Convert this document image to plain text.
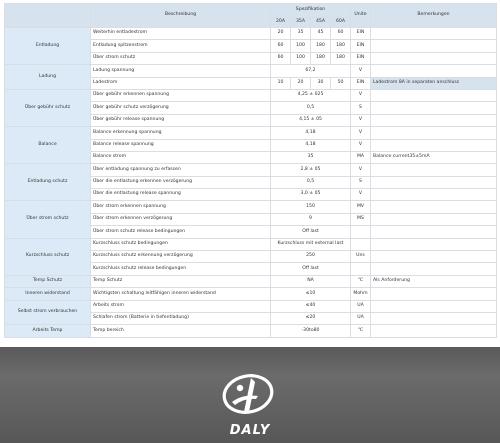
	Beschreibung	Spezifikation				Unite	Bemerkungen
		20A	35A	45A	60A		
Entladung	Weiterhin entladestrom	20	35	45	60	EIN	
	Entladung spitzenstrom	60	100	180	180	EIN	
	Über strom schutz	60	100	180	180	EIN	
Ladung	Ladung spannung	67,2				V	
	Ladestrom	10	20	30	50	EIN	Ladestrom 8A in separaten anschluss
Über gebühr schutz	Über gebühr erkennen spannung	4,25 ± 025				V	
	Über gebühr schutz verzögerung	0,5				S	
	Über gebühr release spannung	4,15 ± 05				V	
Balance	Balance erkennung spannung	4,18				V	
	Balance release spannung	4,18				V	
	Balance strom	35				MA	Balance current35±5mA
Entladung schutz	Über entladung spannung zu erfassen	2,8 ± 05				V	
	Über die entlastung erkennen verzögerung	0,5				S	
	Über die entlastung release spannung	3,0 ± 05				V	
Über strom schutz	Über strom erkennen spannung	150				MV	
	Über strom erkennen verzögerung	9				MS	
	Über strom schutz release bedingungen	Off last					
Kurzschluss schutz	Kurzschluss schutz bedingungen	Kurzschluss mit external last					
	Kurzschluss schutz erkennung verzögerung	250				Uns	
	Kurzschluss schutz release bedingungen	Off last					
Temp Schutz	Temp Schutz	NA				℃	Als Anforderung
Inneren widerstand	Wichtigsten schaltung leitfähigen inneren widerstand	≤10				Mohm	
Selbst strom verbrauchen	Arbeits strom	≤40				UA	
	Schlafen strom (Batterie in tiefentladung)	≤20				UA	
Arbeits Temp	Temp bereich	-30to80				℃	
DALY
